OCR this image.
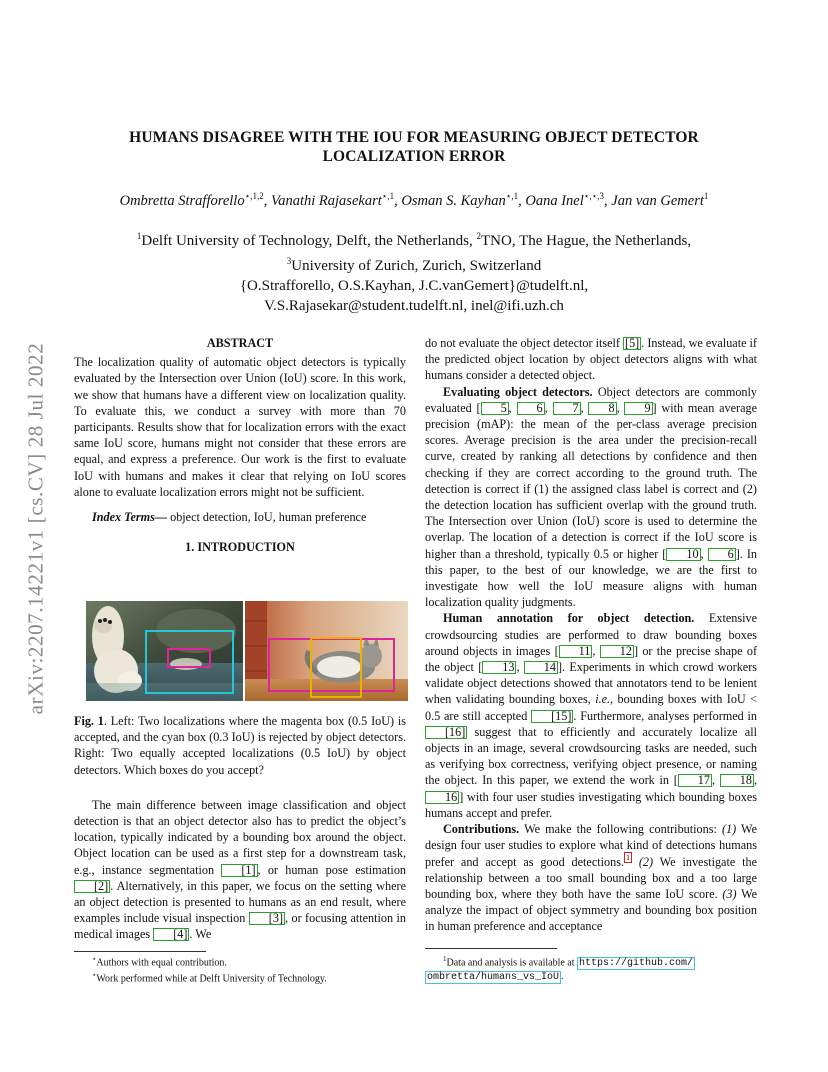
HUMANS DISAGREE WITH THE IOU FOR MEASURING OBJECT DETECTOR
LOCALIZATION ERROR
Ombretta Strafforello$^{⋆,1,2}$, Vanathi Rajasekart$^{⋆,1}$, Osman S. Kayhan$^{⋆,1}$, Oana Inel$^{⋆,⋆,3}$, Jan van Gemert$^1$
$^1$Delft University of Technology, Delft, the Netherlands, $^2$TNO, The Hague, the Netherlands,
$^3$University of Zurich, Zurich, Switzerland
{O.Strafforello, O.S.Kayhan, J.C.vanGemert}@tudelft.nl,
V.S.Rajasekar@student.tudelft.nl, inel@ifi.uzh.ch
arXiv:2207.14221v1 [cs.CV] 28 Jul 2022	ABSTRACT

The localization quality of automatic object detectors is typically evaluated by the Intersection over Union (IoU) score. In this work, we show that humans have a different view on localization quality. To evaluate this, we conduct a survey with more than 70 participants. Results show that for localization errors with the exact same IoU score, humans might not consider that these errors are equal, and express a preference. Our work is the first to evaluate IoU with humans and makes it clear that relying on IoU scores alone to evaluate localization errors might not be sufficient.

Index Terms— object detection, IoU, human preference

1. INTRODUCTION

Fig. 1. Left: Two localizations where the magenta box (0.5 IoU) is accepted, and the cyan box (0.3 IoU) is rejected by object detectors. Right: Two equally accepted localizations (0.5 IoU) by object detectors. Which boxes do you accept?

The main difference between image classification and object detection is that an object detector also has to predict the object’s location, typically indicated by a bounding box around the object. Object location can be used as a first step for a downstream task, e.g., instance segmentation [1] , or human pose estimation [2] . Alternatively, in this paper, we focus on the setting where an object detection is presented to humans as an end result, where examples include visual inspection [3] , or focusing attention in medical images [4] . We

⋆Authors with equal contribution.
⋆Work performed while at Delft University of Technology.

do not evaluate the object detector itself [5] . Instead, we evaluate if the predicted object location by object detectors aligns with what humans consider a detected object.

Evaluating object detectors. Object detectors are commonly evaluated [ 5 , 6 , 7 , 8 , 9 ] with mean average precision (mAP): the mean of the per-class average precision scores. Average precision is the area under the precision-recall curve, created by ranking all detections by confidence and then checking if they are correct according to the ground truth. The detection is correct if (1) the assigned class label is correct and (2) the detection location has sufficient overlap with the ground truth. The Intersection over Union (IoU) score is used to determine the overlap. The location of a detection is correct if the IoU score is higher than a threshold, typically 0.5 or higher [ 10 , 6 ]. In this paper, to the best of our knowledge, we are the first to investigate how well the IoU measure aligns with human localization quality judgments.

Human annotation for object detection. Extensive crowdsourcing studies are performed to draw bounding boxes around objects in images [ 11 , 12 ] or the precise shape of the object [ 13 , 14 ]. Experiments in which crowd workers validate object detections showed that annotators tend to be lenient when validating bounding boxes, i.e., bounding boxes with IoU < 0.5 are still accepted [15] . Furthermore, analyses performed in [16] suggest that to efficiently and accurately localize all objects in an image, several crowdsourcing tasks are needed, such as verifying box correctness, verifying object presence, or naming the object. In this paper, we extend the work in [ 17 , 18 , 16 ] with four user studies investigating which bounding boxes humans accept and prefer.

Contributions. We make the following contributions: (1) We design four user studies to explore what kind of detections humans prefer and accept as good detections. $^1$ (2) We investigate the relationship between a too small bounding box and a too large bounding box, where they both have the same IoU score. (3) We analyze the impact of object symmetry and bounding box position in human preference and acceptance

$^1$Data and analysis is available at https://github.com/
ombretta/humans_vs_IoU .
